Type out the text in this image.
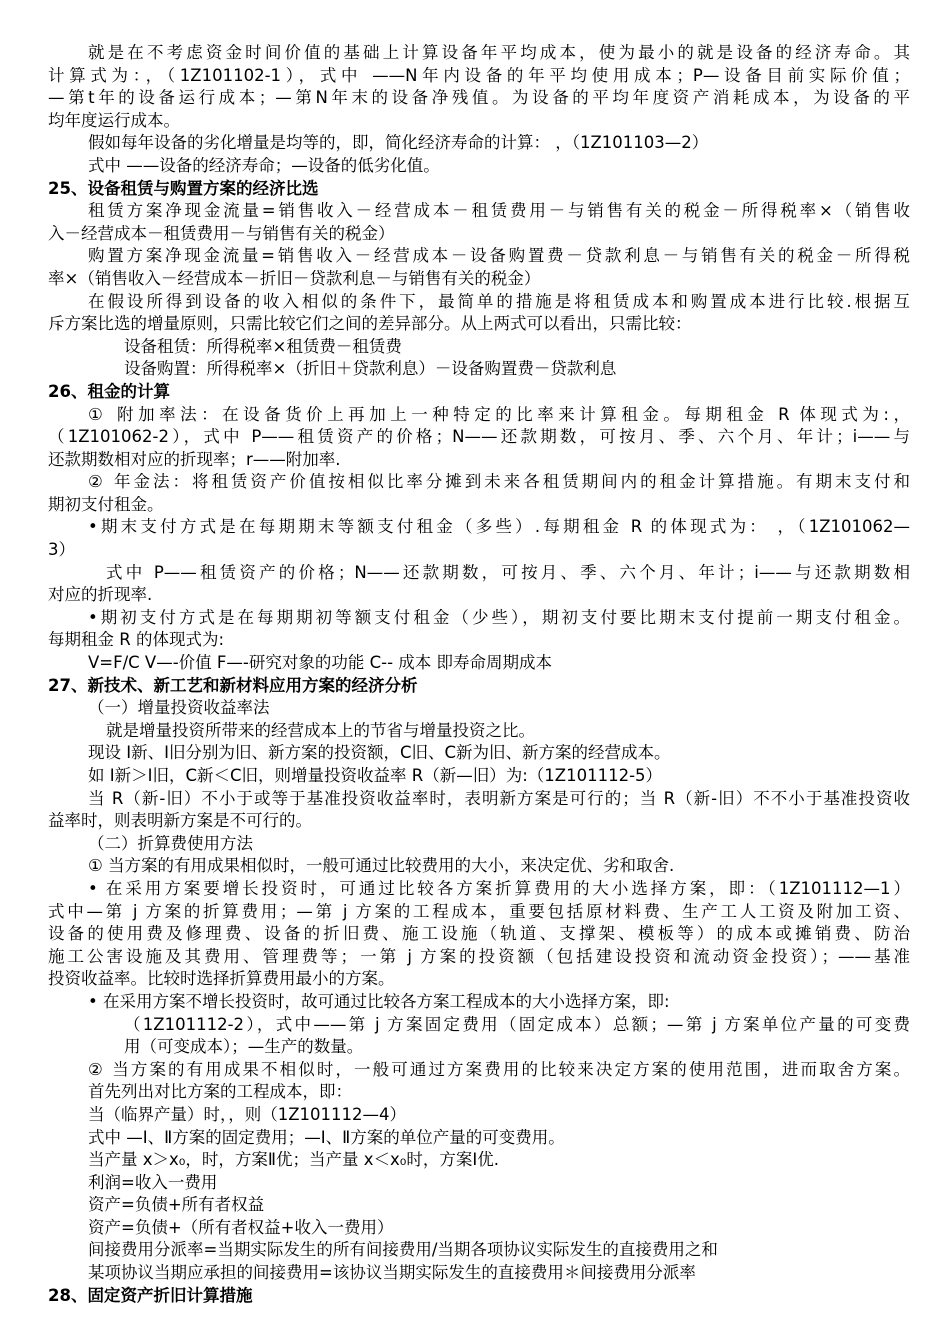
就是在不考虑资金时间价值的基础上计算设备年平均成本，使为最小的就是设备的经济寿命。其
计算式为：，（1Z101102-1），式中 ——N年内设备的年平均使用成本；P—设备目前实际价值；
—第t年的设备运行成本；—第N年末的设备净残值。为设备的平均年度资产消耗成本，为设备的平
均年度运行成本。
假如每年设备的劣化增量是均等的，即，简化经济寿命的计算： ，（1Z101103—2）
式中 ——设备的经济寿命；—设备的低劣化值。
25、设备租赁与购置方案的经济比选
租赁方案净现金流量=销售收入－经营成本－租赁费用－与销售有关的税金－所得税率×（销售收
入－经营成本－租赁费用－与销售有关的税金）
购置方案净现金流量=销售收入－经营成本－设备购置费－贷款利息－与销售有关的税金－所得税
率×（销售收入－经营成本－折旧－贷款利息－与销售有关的税金）
在假设所得到设备的收入相似的条件下，最简单的措施是将租赁成本和购置成本进行比较.根据互
斥方案比选的增量原则，只需比较它们之间的差异部分。从上两式可以看出，只需比较：
设备租赁：所得税率×租赁费－租赁费
设备购置：所得税率×（折旧＋贷款利息）－设备购置费－贷款利息
26、租金的计算
① 附加率法：在设备货价上再加上一种特定的比率来计算租金。每期租金 R 体现式为:，
（1Z101062-2），式中 P——租赁资产的价格；N——还款期数，可按月、季、六个月、年计；i——与
还款期数相对应的折现率；r——附加率.
② 年金法：将租赁资产价值按相似比率分摊到未来各租赁期间内的租金计算措施。有期末支付和
期初支付租金。
•期末支付方式是在每期期末等额支付租金（多些）.每期租金 R 的体现式为： ，（1Z101062—
3）
式中 P——租赁资产的价格；N——还款期数，可按月、季、六个月、年计；i——与还款期数相
对应的折现率.
•期初支付方式是在每期期初等额支付租金（少些），期初支付要比期末支付提前一期支付租金。
每期租金 R 的体现式为:
V=F/C V—-价值 F—-研究对象的功能 C-- 成本 即寿命周期成本
27、新技术、新工艺和新材料应用方案的经济分析
（一）增量投资收益率法
就是增量投资所带来的经营成本上的节省与增量投资之比。
现设 I新、I旧分别为旧、新方案的投资额，C旧、C新为旧、新方案的经营成本。
如 I新＞I旧，C新＜C旧，则增量投资收益率 R（新—旧）为:（1Z101112-5）
当 R（新-旧）不小于或等于基准投资收益率时，表明新方案是可行的；当 R（新-旧）不不小于基准投资收
益率时，则表明新方案是不可行的。
（二）折算费使用方法
① 当方案的有用成果相似时，一般可通过比较费用的大小，来决定优、劣和取舍.
• 在采用方案要增长投资时，可通过比较各方案折算费用的大小选择方案，即：（1Z101112—1）
式中—第 j 方案的折算费用；—第 j 方案的工程成本，重要包括原材料费、生产工人工资及附加工资、
设备的使用费及修理费、设备的折旧费、施工设施（轨道、支撑架、模板等）的成本或摊销费、防治
施工公害设施及其费用、管理费等；一第 j 方案的投资额（包括建设投资和流动资金投资）；——基准
投资收益率。比较时选择折算费用最小的方案。
• 在采用方案不增长投资时，故可通过比较各方案工程成本的大小选择方案，即:
（1Z101112-2），式中——第 j 方案固定费用（固定成本）总额；—第 j 方案单位产量的可变费
用（可变成本）；—生产的数量。
② 当方案的有用成果不相似时，一般可通过方案费用的比较来决定方案的使用范围，进而取舍方案。
首先列出对比方案的工程成本，即：
当（临界产量）时，，则（1Z101112—4）
式中 —Ⅰ、Ⅱ方案的固定费用；—Ⅰ、Ⅱ方案的单位产量的可变费用。
当产量 x＞x₀，时，方案Ⅱ优；当产量 x＜x₀时，方案Ⅰ优.
利润=收入一费用
资产=负债+所有者权益
资产=负债+（所有者权益+收入一费用）
间接费用分派率=当期实际发生的所有间接费用/当期各项协议实际发生的直接费用之和
某项协议当期应承担的间接费用=该协议当期实际发生的直接费用＊间接费用分派率
28、固定资产折旧计算措施
